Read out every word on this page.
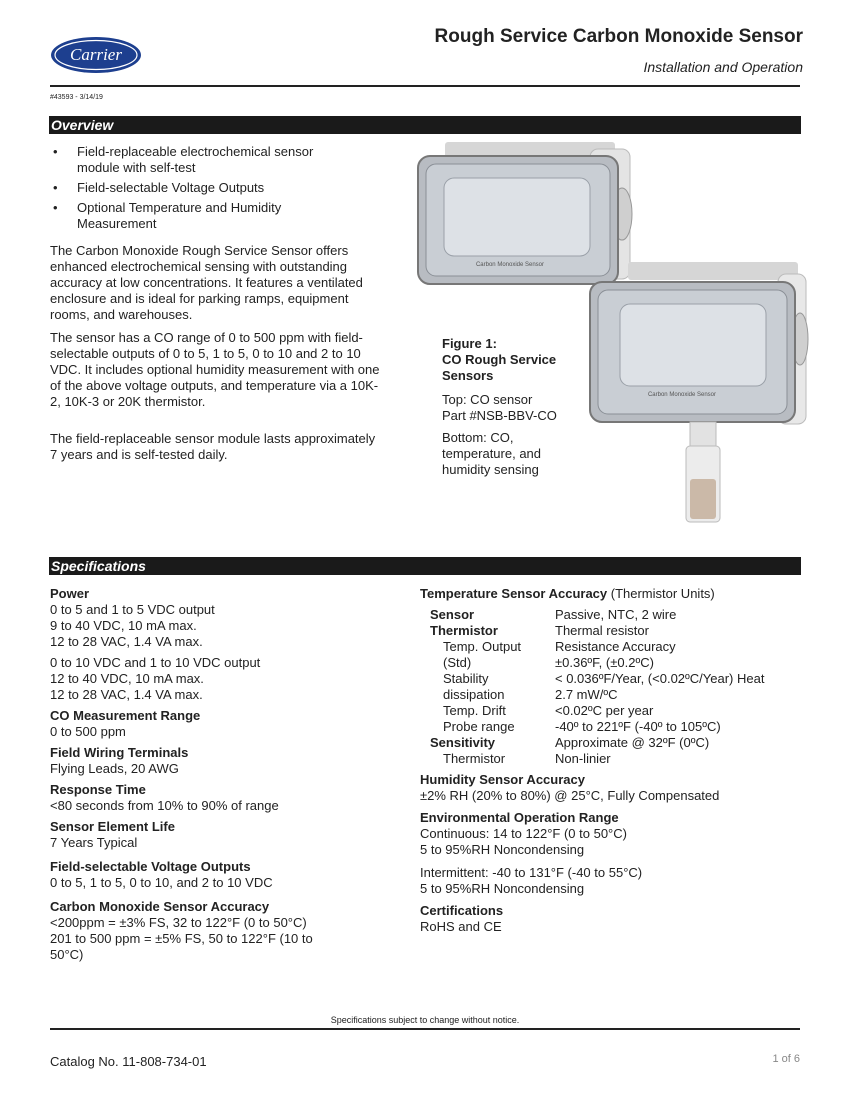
Carrier
Rough Service Carbon Monoxide Sensor
Installation and Operation
#43593 - 3/14/19
Overview
• Field-replaceable electrochemical sensor module with self-test
• Field-selectable Voltage Outputs
• Optional Temperature and Humidity Measurement
The Carbon Monoxide Rough Service Sensor offers enhanced electrochemical sensing with outstanding accuracy at low concentrations. It features a ventilated enclosure and is ideal for parking ramps, equipment rooms, and warehouses.
The sensor has a CO range of 0 to 500 ppm with field-selectable outputs of 0 to 5, 1 to 5, 0 to 10 and 2 to 10 VDC. It includes optional humidity measurement with one of the above voltage outputs, and temperature via a 10K-2, 10K-3 or 20K thermistor.
The field-replaceable sensor module lasts approximately 7 years and is self-tested daily.
Carbon Monoxide Sensor
Carbon Monoxide Sensor
Figure 1:
CO Rough Service
Sensors
Top: CO sensor
Part #NSB-BBV-CO
Bottom: CO,
temperature, and
humidity sensing
Specifications
Power
0 to 5 and 1 to 5 VDC output
9 to 40 VDC, 10 mA max.
12 to 28 VAC, 1.4 VA max.
0 to 10 VDC and 1 to 10 VDC output
12 to 40 VDC, 10 mA max.
12 to 28 VAC, 1.4 VA max.
CO Measurement Range
0 to 500 ppm
Field Wiring Terminals
Flying Leads, 20 AWG
Response Time
<80 seconds from 10% to 90% of range
Sensor Element Life
7 Years Typical
Field-selectable Voltage Outputs
0 to 5, 1 to 5, 0 to 10, and 2 to 10 VDC
Carbon Monoxide Sensor Accuracy
<200ppm = ±3% FS, 32 to 122°F (0 to 50°C)
201 to 500 ppm = ±5% FS, 50 to 122°F (10 to 50°C)
Temperature Sensor Accuracy (Thermistor Units)
Sensor	Passive, NTC, 2 wire
Thermistor	Thermal resistor
Temp. Output	Resistance Accuracy
(Std)	±0.36ºF, (±0.2ºC)
Stability	< 0.036ºF/Year, (<0.02ºC/Year) Heat
dissipation	2.7 mW/ºC
Temp. Drift	<0.02ºC per year
Probe range	-40º to 221ºF (-40º to 105ºC)
Sensitivity	Approximate @ 32ºF (0ºC)
Thermistor	Non-linier
Humidity Sensor Accuracy
±2% RH (20% to 80%) @ 25°C, Fully Compensated
Environmental Operation Range
Continuous: 14 to 122°F (0 to 50°C)
5 to 95%RH Noncondensing
Intermittent: -40 to 131°F (-40 to 55°C)
5 to 95%RH Noncondensing
Certifications
RoHS and CE
Specifications subject to change without notice.
Catalog No. 11-808-734-01	1 of 6
